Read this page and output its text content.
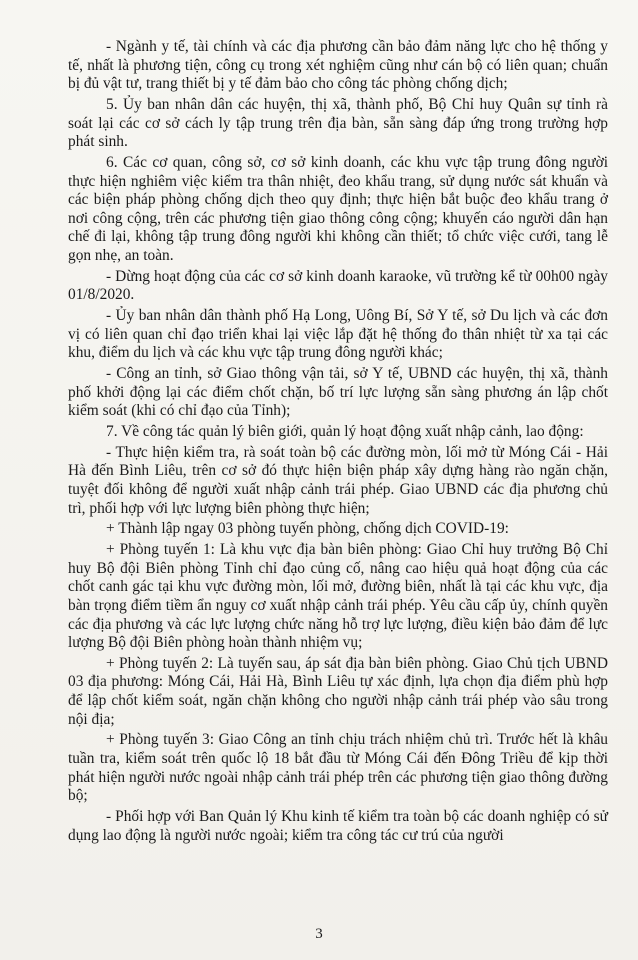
- Ngành y tế, tài chính và các địa phương cần bảo đảm năng lực cho hệ thống y tế, nhất là phương tiện, công cụ trong xét nghiệm cũng như cán bộ có liên quan; chuẩn bị đủ vật tư, trang thiết bị y tế đảm bảo cho công tác phòng chống dịch;

5. Ủy ban nhân dân các huyện, thị xã, thành phố, Bộ Chỉ huy Quân sự tỉnh rà soát lại các cơ sở cách ly tập trung trên địa bàn, sẵn sàng đáp ứng trong trường hợp phát sinh.

6. Các cơ quan, công sở, cơ sở kinh doanh, các khu vực tập trung đông người thực hiện nghiêm việc kiểm tra thân nhiệt, đeo khẩu trang, sử dụng nước sát khuẩn và các biện pháp phòng chống dịch theo quy định; thực hiện bắt buộc đeo khẩu trang ở nơi công cộng, trên các phương tiện giao thông công cộng; khuyến cáo người dân hạn chế đi lại, không tập trung đông người khi không cần thiết; tổ chức việc cưới, tang lễ gọn nhẹ, an toàn.

- Dừng hoạt động của các cơ sở kinh doanh karaoke, vũ trường kể từ 00h00 ngày 01/8/2020.

- Ủy ban nhân dân thành phố Hạ Long, Uông Bí, Sở Y tế, sở Du lịch và các đơn vị có liên quan chỉ đạo triển khai lại việc lắp đặt hệ thống đo thân nhiệt từ xa tại các khu, điểm du lịch và các khu vực tập trung đông người khác;

- Công an tỉnh, sở Giao thông vận tải, sở Y tế, UBND các huyện, thị xã, thành phố khởi động lại các điểm chốt chặn, bố trí lực lượng sẵn sàng phương án lập chốt kiểm soát (khi có chỉ đạo của Tỉnh);

7. Về công tác quản lý biên giới, quản lý hoạt động xuất nhập cảnh, lao động:

- Thực hiện kiểm tra, rà soát toàn bộ các đường mòn, lối mở từ Móng Cái - Hải Hà đến Bình Liêu, trên cơ sở đó thực hiện biện pháp xây dựng hàng rào ngăn chặn, tuyệt đối không để người xuất nhập cảnh trái phép. Giao UBND các địa phương chủ trì, phối hợp với lực lượng biên phòng thực hiện;

+ Thành lập ngay 03 phòng tuyến phòng, chống dịch COVID-19:

+ Phòng tuyến 1: Là khu vực địa bàn biên phòng: Giao Chỉ huy trưởng Bộ Chỉ huy Bộ đội Biên phòng Tỉnh chỉ đạo củng cố, nâng cao hiệu quả hoạt động của các chốt canh gác tại khu vực đường mòn, lối mở, đường biên, nhất là tại các khu vực, địa bàn trọng điểm tiềm ẩn nguy cơ xuất nhập cảnh trái phép. Yêu cầu cấp ủy, chính quyền các địa phương và các lực lượng chức năng hỗ trợ lực lượng, điều kiện bảo đảm để lực lượng Bộ đội Biên phòng hoàn thành nhiệm vụ;

+ Phòng tuyến 2: Là tuyến sau, áp sát địa bàn biên phòng. Giao Chủ tịch UBND 03 địa phương: Móng Cái, Hải Hà, Bình Liêu tự xác định, lựa chọn địa điểm phù hợp để lập chốt kiểm soát, ngăn chặn không cho người nhập cảnh trái phép vào sâu trong nội địa;

+ Phòng tuyến 3: Giao Công an tỉnh chịu trách nhiệm chủ trì. Trước hết là khâu tuần tra, kiểm soát trên quốc lộ 18 bắt đầu từ Móng Cái đến Đông Triều để kịp thời phát hiện người nước ngoài nhập cảnh trái phép trên các phương tiện giao thông đường bộ;

- Phối hợp với Ban Quản lý Khu kinh tế kiểm tra toàn bộ các doanh nghiệp có sử dụng lao động là người nước ngoài; kiểm tra công tác cư trú của người

3
